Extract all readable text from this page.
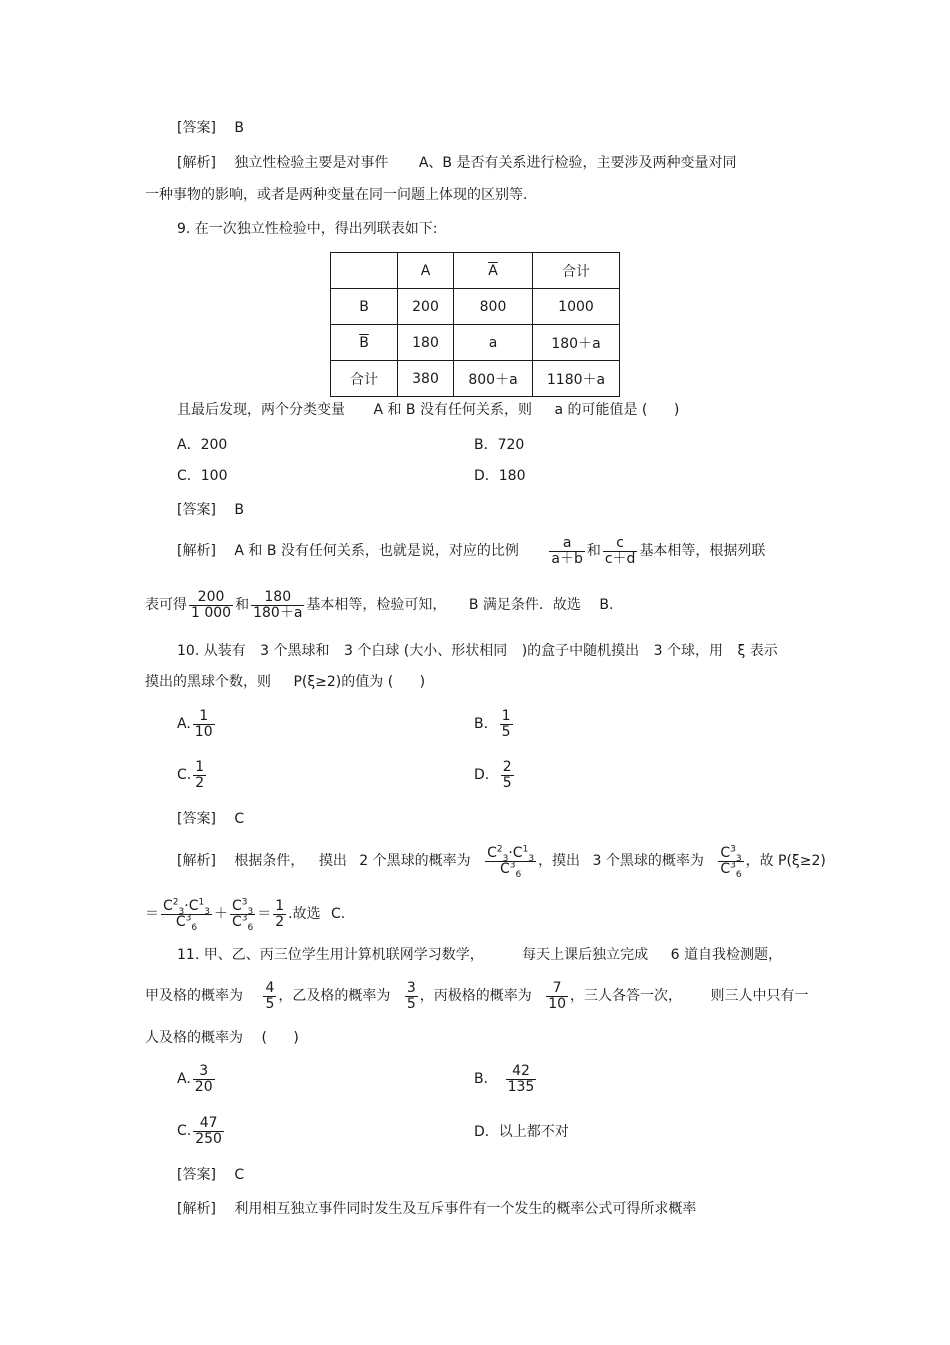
[答案] B
[解析] 独立性检验主要是对事件 A、B 是否有关系进行检验，主要涉及两种变量对同
一种事物的影响，或者是两种变量在同一问题上体现的区别等.
9. 在一次独立性检验中，得出列联表如下:
	A	$\overline{A}$	合计
B	200	800	1000
$\overline{B}$	180	a	180＋a
合计	380	800＋a	1180＋a
且最后发现，两个分类变量 A 和 B 没有任何关系，则 a 的可能值是 ( )
A．200	B．720
C．100	D．180
[答案] B
[解析] A 和 B 没有任何关系，也就是说，对应的比例 $\frac{a}{a+b}$ 和 $\frac{c}{c+d}$ 基本相等，根据列联
表可得 $\frac{200}{1 000}$ 和 $\frac{180}{180+a}$ 基本相等，检验可知， B 满足条件．故选 B.
10. 从装有 3 个黑球和 3 个白球 (大小、形状相同 )的盒子中随机摸出 3 个球，用 ξ 表示
摸出的黑球个数，则 P(ξ≥2)的值为 ( )
A. $\frac{1}{10}$	B． $\frac{1}{5}$
C. $\frac{1}{2}$	D． $\frac{2}{5}$
[答案] C
[解析] 根据条件， 摸出 2 个黑球的概率为 $\frac{C^2_3\cdot C^1_3}{C^3_6}$ ，摸出 3 个黑球的概率为 $\frac{C^3_3}{C^3_6}$ ，故 P(ξ≥2)
＝ $\frac{C^2_3\cdot C^1_3}{C^3_6} + \frac{C^3_3}{C^3_6} = \frac{1}{2}$ .故选 C.
11. 甲、乙、丙三位学生用计算机联网学习数学，	每天上课后独立完成 6 道自我检测题，
甲及格的概率为 $\frac{4}{5}$ ，乙及格的概率为 $\frac{3}{5}$ ，丙极格的概率为 $\frac{7}{10}$ ，三人各答一次， 则三人中只有一
人及格的概率为 ( )
A. $\frac{3}{20}$	B． $\frac{42}{135}$
C. $\frac{47}{250}$	D．以上都不对
[答案] C
[解析] 利用相互独立事件同时发生及互斥事件有一个发生的概率公式可得所求概率
